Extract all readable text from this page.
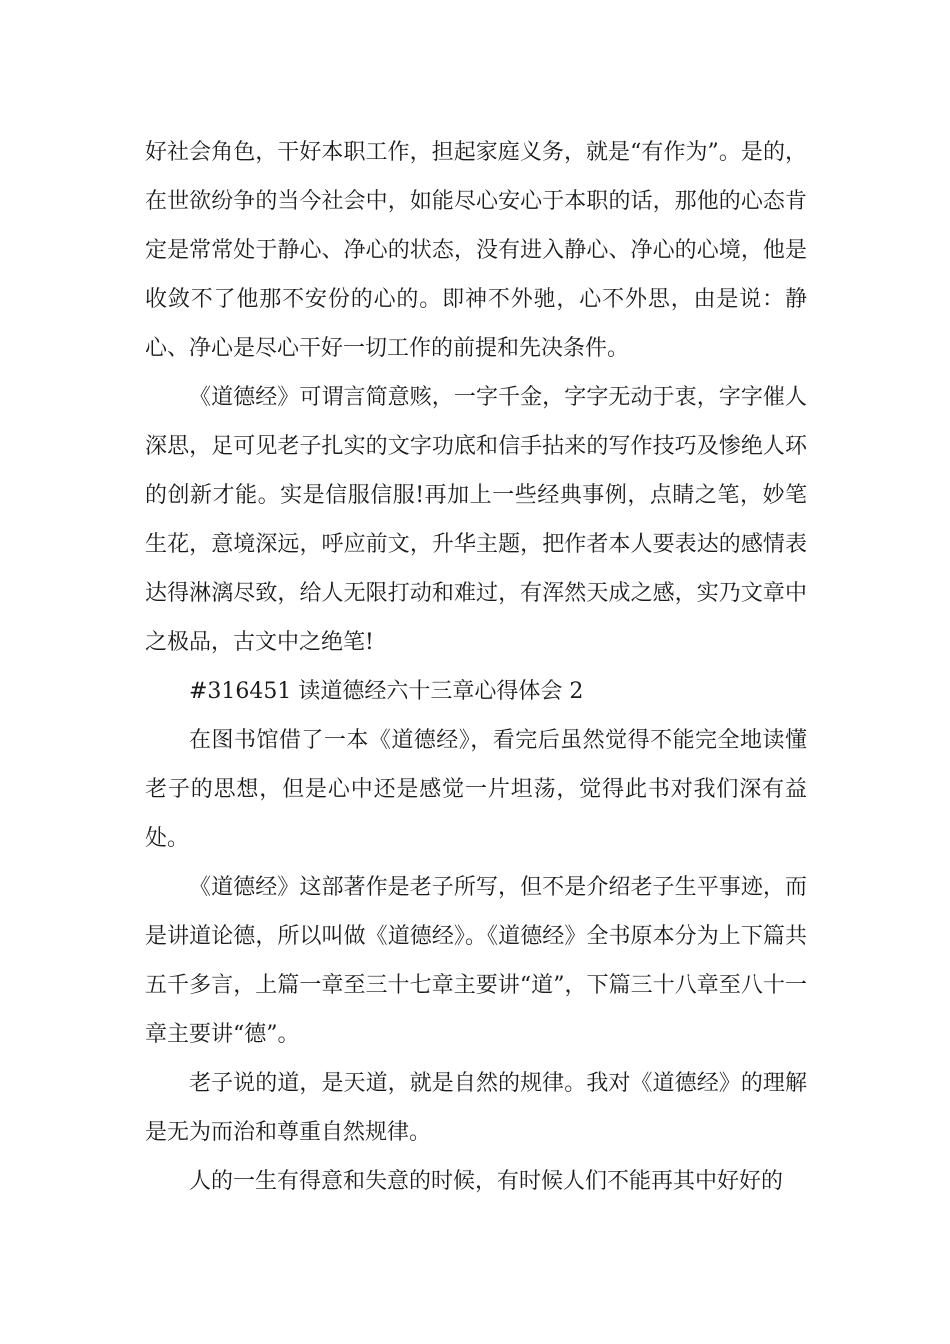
好社会角色，干好本职工作，担起家庭义务，就是“有作为”。是的，在世欲纷争的当今社会中，如能尽心安心于本职的话，那他的心态肯定是常常处于静心、净心的状态，没有进入静心、净心的心境，他是收敛不了他那不安份的心的。即神不外驰，心不外思，由是说：静心、净心是尽心干好一切工作的前提和先决条件。

《道德经》可谓言简意赅，一字千金，字字无动于衷，字字催人深思，足可见老子扎实的文字功底和信手拈来的写作技巧及惨绝人环的创新才能。实是信服信服!再加上一些经典事例，点睛之笔，妙笔生花，意境深远，呼应前文，升华主题，把作者本人要表达的感情表达得淋漓尽致，给人无限打动和难过，有浑然天成之感，实乃文章中之极品，古文中之绝笔!

#316451 读道德经六十三章心得体会 2

在图书馆借了一本《道德经》，看完后虽然觉得不能完全地读懂老子的思想，但是心中还是感觉一片坦荡，觉得此书对我们深有益处。

《道德经》这部著作是老子所写，但不是介绍老子生平事迹，而是讲道论德，所以叫做《道德经》。《道德经》全书原本分为上下篇共五千多言，上篇一章至三十七章主要讲“道”，下篇三十八章至八十一章主要讲“德”。

老子说的道，是天道，就是自然的规律。我对《道德经》的理解是无为而治和尊重自然规律。

人的一生有得意和失意的时候，有时候人们不能再其中好好的
